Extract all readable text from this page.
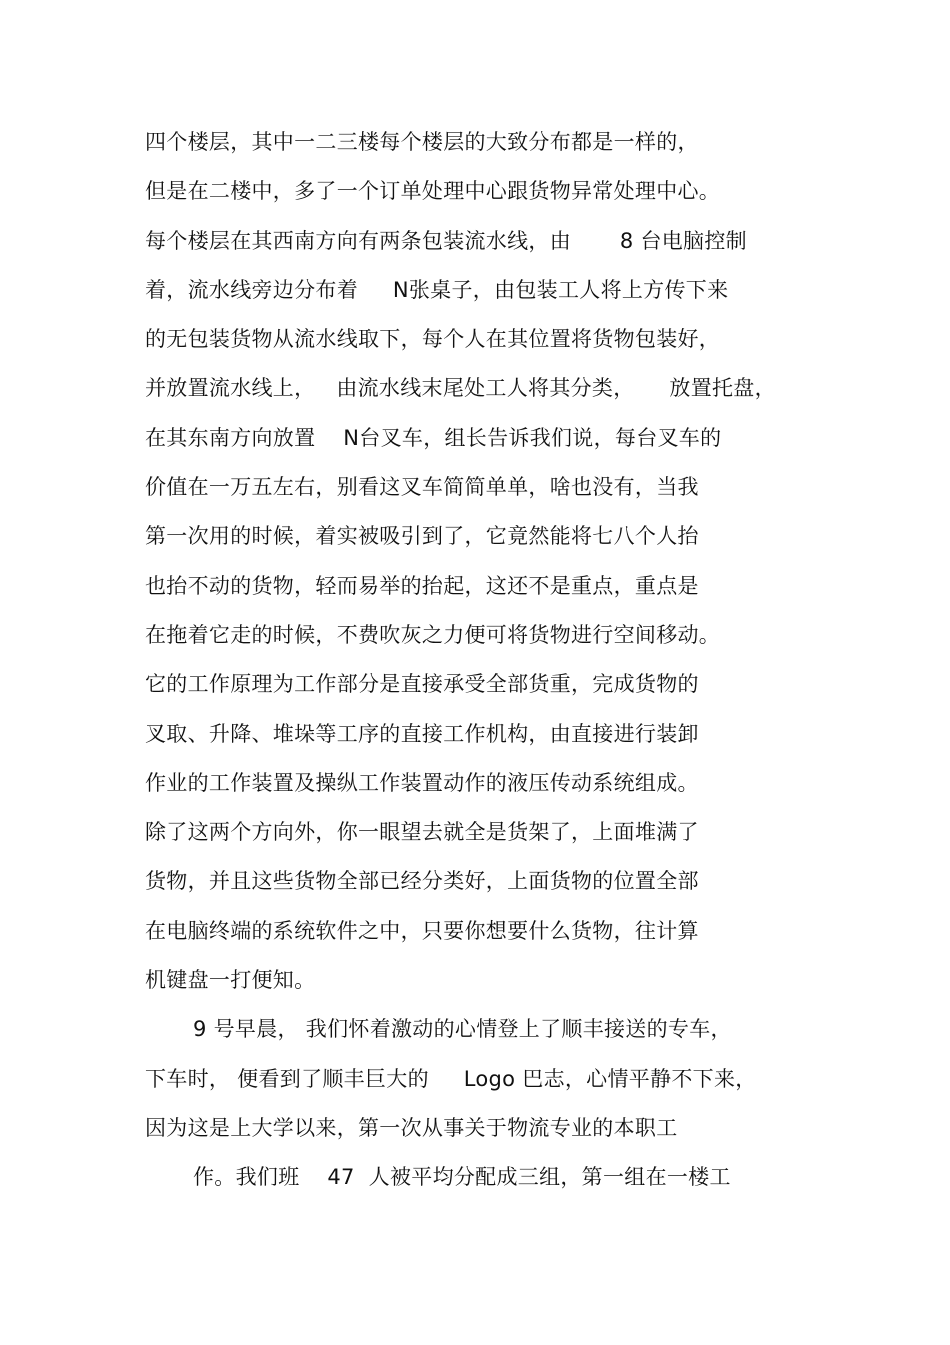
四个楼层，其中一二三楼每个楼层的大致分布都是一样的，
但是在二楼中，多了一个订单处理中心跟货物异常处理中心。
每个楼层在其西南方向有两条包装流水线，由       8 台电脑控制
着，流水线旁边分布着     N张桌子，由包装工人将上方传下来
的无包装货物从流水线取下，每个人在其位置将货物包装好，
并放置流水线上，   由流水线末尾处工人将其分类，     放置托盘，
在其东南方向放置    N台叉车，组长告诉我们说，每台叉车的
价值在一万五左右，别看这叉车简简单单，啥也没有，当我
第一次用的时候，着实被吸引到了，它竟然能将七八个人抬
也抬不动的货物，轻而易举的抬起，这还不是重点，重点是
在拖着它走的时候，不费吹灰之力便可将货物进行空间移动。
它的工作原理为工作部分是直接承受全部货重，完成货物的
叉取、升降、堆垛等工序的直接工作机构，由直接进行装卸
作业的工作装置及操纵工作装置动作的液压传动系统组成。
除了这两个方向外，你一眼望去就全是货架了，上面堆满了
货物，并且这些货物全部已经分类好，上面货物的位置全部
在电脑终端的系统软件之中，只要你想要什么货物，往计算
机键盘一打便知。
9 号早晨， 我们怀着激动的心情登上了顺丰接送的专车，
下车时， 便看到了顺丰巨大的     Logo 巴志，心情平静不下来，
因为这是上大学以来，第一次从事关于物流专业的本职工
作。我们班    47  人被平均分配成三组，第一组在一楼工
